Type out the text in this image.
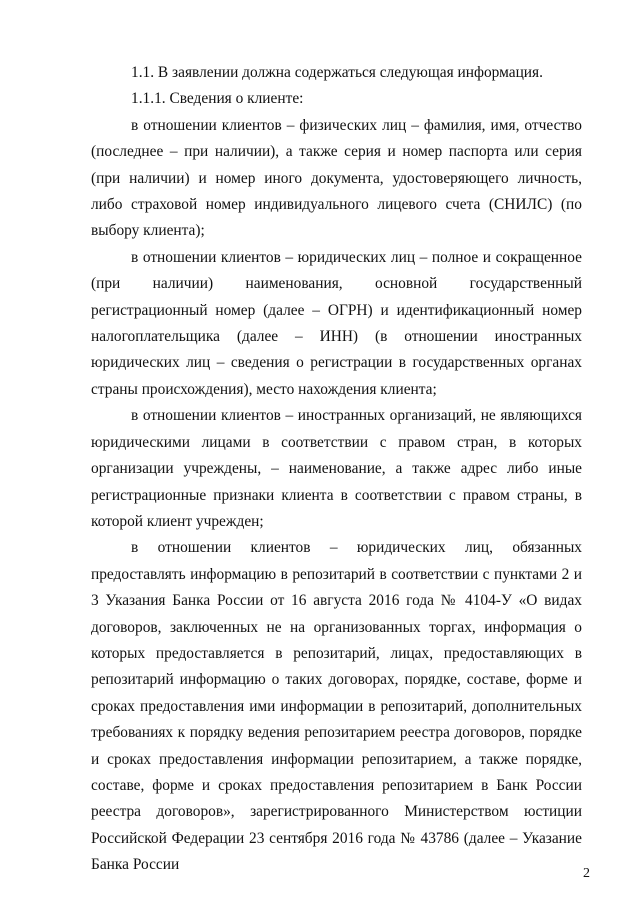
1.1. В заявлении должна содержаться следующая информация.

1.1.1. Сведения о клиенте:

в отношении клиентов – физических лиц – фамилия, имя, отчество (последнее – при наличии), а также серия и номер паспорта или серия (при наличии) и номер иного документа, удостоверяющего личность, либо страховой номер индивидуального лицевого счета (СНИЛС) (по выбору клиента);

в отношении клиентов – юридических лиц – полное и сокращенное (при наличии) наименования, основной государственный регистрационный номер (далее – ОГРН) и идентификационный номер налогоплательщика (далее – ИНН) (в отношении иностранных юридических лиц – сведения о регистрации в государственных органах страны происхождения), место нахождения клиента;

в отношении клиентов – иностранных организаций, не являющихся юридическими лицами в соответствии с правом стран, в которых организации учреждены, – наименование, а также адрес либо иные регистрационные признаки клиента в соответствии с правом страны, в которой клиент учрежден;

в отношении клиентов – юридических лиц, обязанных предоставлять информацию в репозитарий в соответствии с пунктами 2 и 3 Указания Банка России от 16 августа 2016 года № 4104-У «О видах договоров, заключенных не на организованных торгах, информация о которых предоставляется в репозитарий, лицах, предоставляющих в репозитарий информацию о таких договорах, порядке, составе, форме и сроках предоставления ими информации в репозитарий, дополнительных требованиях к порядку ведения репозитарием реестра договоров, порядке и сроках предоставления информации репозитарием, а также порядке, составе, форме и сроках предоставления репозитарием в Банк России реестра договоров», зарегистрированного Министерством юстиции Российской Федерации 23 сентября 2016 года № 43786 (далее – Указание Банка России

2
